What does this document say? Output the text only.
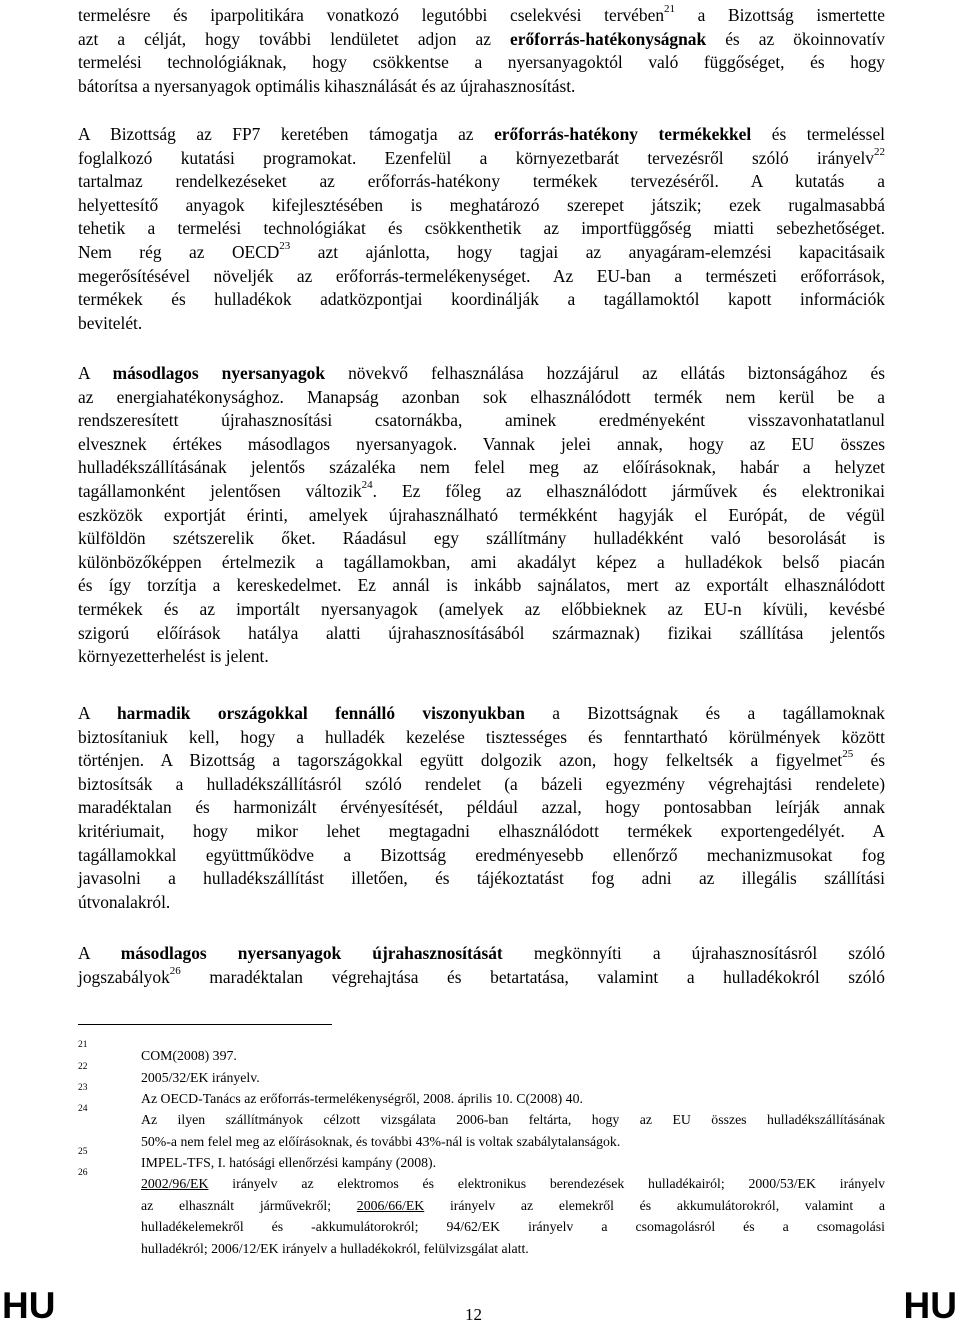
termelésre és iparpolitikára vonatkozó legutóbbi cselekvési tervében$^{21}$ a Bizottság ismertette
azt a célját, hogy további lendületet adjon az erőforrás-hatékonyságnak és az ökoinnovatív
termelési technológiáknak, hogy csökkentse a nyersanyagoktól való függőséget, és hogy
bátorítsa a nyersanyagok optimális kihasználását és az újrahasznosítást.
A Bizottság az FP7 keretében támogatja az erőforrás-hatékony termékekkel és termeléssel
foglalkozó kutatási programokat. Ezenfelül a környezetbarát tervezésről szóló irányelv$^{22}$
tartalmaz rendelkezéseket az erőforrás-hatékony termékek tervezéséről. A kutatás a
helyettesítő anyagok kifejlesztésében is meghatározó szerepet játszik; ezek rugalmasabbá
tehetik a termelési technológiákat és csökkenthetik az importfüggőség miatti sebezhetőséget.
Nem rég az OECD$^{23}$ azt ajánlotta, hogy tagjai az anyagáram-elemzési kapacitásaik
megerősítésével növeljék az erőforrás-termelékenységet. Az EU-ban a természeti erőforrások,
termékek és hulladékok adatközpontjai koordinálják a tagállamoktól kapott információk
bevitelét.
A másodlagos nyersanyagok növekvő felhasználása hozzájárul az ellátás biztonságához és
az energiahatékonysághoz. Manapság azonban sok elhasználódott termék nem kerül be a
rendszeresített újrahasznosítási csatornákba, aminek eredményeként visszavonhatatlanul
elvesznek értékes másodlagos nyersanyagok. Vannak jelei annak, hogy az EU összes
hulladékszállításának jelentős százaléka nem felel meg az előírásoknak, habár a helyzet
tagállamonként jelentősen változik$^{24}$. Ez főleg az elhasználódott járművek és elektronikai
eszközök exportját érinti, amelyek újrahasználható termékként hagyják el Európát, de végül
külföldön szétszerelik őket. Ráadásul egy szállítmány hulladékként való besorolását is
különbözőképpen értelmezik a tagállamokban, ami akadályt képez a hulladékok belső piacán
és így torzítja a kereskedelmet. Ez annál is inkább sajnálatos, mert az exportált elhasználódott
termékek és az importált nyersanyagok (amelyek az előbbieknek az EU-n kívüli, kevésbé
szigorú előírások hatálya alatti újrahasznosításából származnak) fizikai szállítása jelentős
környezetterhelést is jelent.
A harmadik országokkal fennálló viszonyukban a Bizottságnak és a tagállamoknak
biztosítaniuk kell, hogy a hulladék kezelése tisztességes és fenntartható körülmények között
történjen. A Bizottság a tagországokkal együtt dolgozik azon, hogy felkeltsék a figyelmet$^{25}$ és
biztosítsák a hulladékszállításról szóló rendelet (a bázeli egyezmény végrehajtási rendelete)
maradéktalan és harmonizált érvényesítését, például azzal, hogy pontosabban leírják annak
kritériumait, hogy mikor lehet megtagadni elhasználódott termékek exportengedélyét. A
tagállamokkal együttműködve a Bizottság eredményesebb ellenőrző mechanizmusokat fog
javasolni a hulladékszállítást illetően, és tájékoztatást fog adni az illegális szállítási
útvonalakról.
A másodlagos nyersanyagok újrahasznosítását megkönnyíti a újrahasznosításról szóló
jogszabályok$^{26}$ maradéktalan végrehajtása és betartatása, valamint a hulladékokról szóló
21
COM(2008) 397.
22
2005/32/EK irányelv.
23
Az OECD-Tanács az erőforrás-termelékenységről, 2008. április 10. C(2008) 40.
24
Az ilyen szállítmányok célzott vizsgálata 2006-ban feltárta, hogy az EU összes hulladékszállításának
50%-a nem felel meg az előírásoknak, és további 43%-nál is voltak szabálytalanságok.
25
IMPEL-TFS, I. hatósági ellenőrzési kampány (2008).
26
2002/96/EK irányelv az elektromos és elektronikus berendezések hulladékairól; 2000/53/EK irányelv
az elhasznált járművekről; 2006/66/EK irányelv az elemekről és akkumulátorokról, valamint a
hulladékelemekről és -akkumulátorokról; 94/62/EK irányelv a csomagolásról és a csomagolási
hulladékról; 2006/12/EK irányelv a hulladékokról, felülvizsgálat alatt.
HU	12	HU
